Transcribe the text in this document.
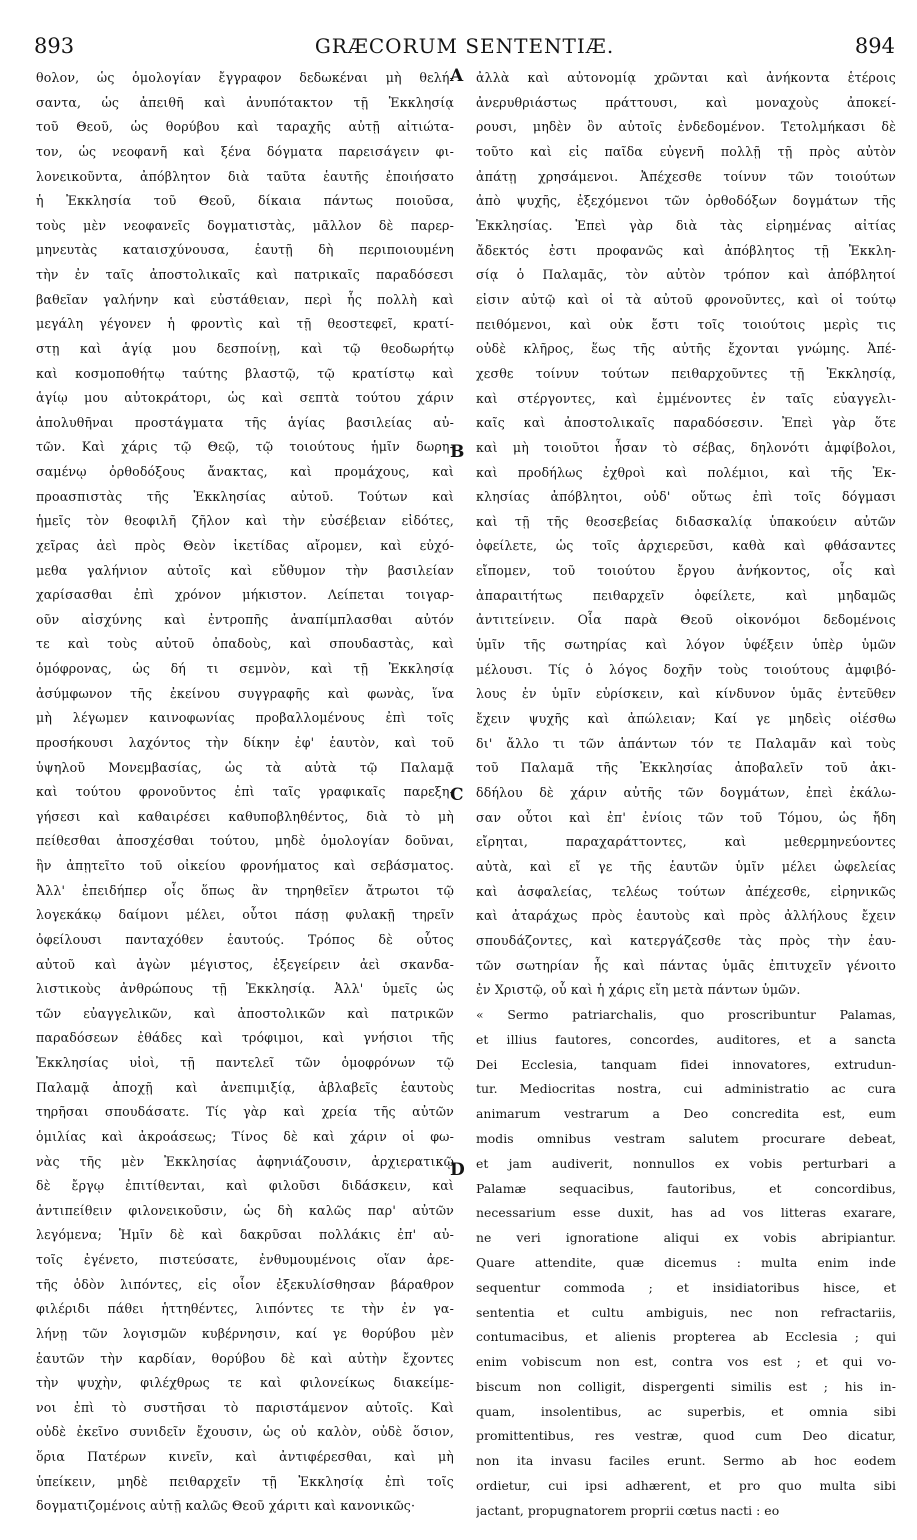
893	GRÆCORUM SENTENTIÆ.	894

θολον, ὡς ὁμολογίαν ἔγγραφον δεδωκέναι μὴ θελή-

σαντα, ὡς ἀπειθῆ καὶ ἀνυπότακτον τῇ Ἐκκλησίᾳ

τοῦ Θεοῦ, ὡς θορύβου καὶ ταραχῆς αὐτῇ αἰτιώτα-

τον, ὡς νεοφανῆ καὶ ξένα δόγματα παρεισάγειν φι-

λονεικοῦντα, ἀπόβλητον διὰ ταῦτα ἑαυτῆς ἐποιήσατο

ἡ Ἐκκλησία τοῦ Θεοῦ, δίκαια πάντως ποιοῦσα,

τοὺς μὲν νεοφανεῖς δογματιστὰς, μᾶλλον δὲ παρερ-

μηνευτὰς καταισχύνουσα, ἑαυτῇ δὴ περιποιουμένη

τὴν ἐν ταῖς ἀποστολικαῖς καὶ πατρικαῖς παραδόσεσι

βαθεῖαν γαλήνην καὶ εὐστάθειαν, περὶ ἧς πολλὴ καὶ

μεγάλη γέγονεν ἡ φροντὶς καὶ τῇ θεοστεφεῖ, κρατί-

στῃ καὶ ἁγίᾳ μου δεσποίνῃ, καὶ τῷ θεοδωρήτῳ

καὶ κοσμοποθήτῳ ταύτης βλαστῷ, τῷ κρατίστῳ καὶ

ἁγίῳ μου αὐτοκράτορι, ὡς καὶ σεπτὰ τούτου χάριν

ἀπολυθῆναι προστάγματα τῆς ἁγίας βασιλείας αὐ-

τῶν. Καὶ χάρις τῷ Θεῷ, τῷ τοιούτους ἡμῖν δωρη-

σαμένῳ ὀρθοδόξους ἄνακτας, καὶ προμάχους, καὶ

προασπιστὰς τῆς Ἐκκλησίας αὐτοῦ. Τούτων καὶ

ἡμεῖς τὸν θεοφιλῆ ζῆλον καὶ τὴν εὐσέβειαν εἰδότες,

χεῖρας ἀεὶ πρὸς Θεὸν ἱκετίδας αἴρομεν, καὶ εὐχό-

μεθα γαλήνιον αὐτοῖς καὶ εὔθυμον τὴν βασιλείαν

χαρίσασθαι ἐπὶ χρόνον μήκιστον. Λείπεται τοιγαρ-

οῦν αἰσχύνης καὶ ἐντροπῆς ἀναπίμπλασθαι αὐτόν

τε καὶ τοὺς αὐτοῦ ὀπαδοὺς, καὶ σπουδαστὰς, καὶ

ὁμόφρονας, ὡς δή τι σεμνὸν, καὶ τῇ Ἐκκλησίᾳ

ἀσύμφωνον τῆς ἐκείνου συγγραφῆς καὶ φωνὰς, ἵνα

μὴ λέγωμεν καινοφωνίας προβαλλομένους ἐπὶ τοῖς

προσήκουσι λαχόντος τὴν δίκην ἐφ' ἑαυτὸν, καὶ τοῦ

ὑψηλοῦ Μονεμβασίας, ὡς τὰ αὐτὰ τῷ Παλαμᾷ

καὶ τούτου φρονοῦντος ἐπὶ ταῖς γραφικαῖς παρεξη-

γήσεσι καὶ καθαιρέσει καθυποβληθέντος, διὰ τὸ μὴ

πείθεσθαι ἀποσχέσθαι τούτου, μηδὲ ὁμολογίαν δοῦναι,

ἣν ἀπῃτεῖτο τοῦ οἰκείου φρονήματος καὶ σεβάσματος.

Ἀλλ' ἐπειδήπερ οἷς ὅπως ἂν τηρηθεῖεν ἄτρωτοι τῷ

λογεκάκῳ δαίμονι μέλει, οὗτοι πάσῃ φυλακῇ τηρεῖν

ὀφείλουσι πανταχόθεν ἑαυτούς. Τρόπος δὲ οὗτος

αὐτοῦ καὶ ἀγὼν μέγιστος, ἐξεγείρειν ἀεὶ σκανδα-

λιστικοὺς ἀνθρώπους τῇ Ἐκκλησίᾳ. Ἀλλ' ὑμεῖς ὡς

τῶν εὐαγγελικῶν, καὶ ἀποστολικῶν καὶ πατρικῶν

παραδόσεων ἐθάδες καὶ τρόφιμοι, καὶ γνήσιοι τῆς

Ἐκκλησίας υἱοὶ, τῇ παντελεῖ τῶν ὁμοφρόνων τῷ

Παλαμᾷ ἀποχῇ καὶ ἀνεπιμιξίᾳ, ἀβλαβεῖς ἑαυτοὺς

τηρῆσαι σπουδάσατε. Τίς γὰρ καὶ χρεία τῆς αὐτῶν

ὁμιλίας καὶ ἀκροάσεως; Τίνος δὲ καὶ χάριν οἱ φω-

νὰς τῆς μὲν Ἐκκλησίας ἀφηνιάζουσιν, ἀρχιερατικῷ

δὲ ἔργῳ ἐπιτίθενται, καὶ φιλοῦσι διδάσκειν, καὶ

ἀντιπείθειν φιλονεικοῦσιν, ὡς δὴ καλῶς παρ' αὐτῶν

λεγόμενα; Ἡμῖν δὲ καὶ δακρῦσαι πολλάκις ἐπ' αὐ-

τοῖς ἐγένετο, πιστεύσατε, ἐνθυμουμένοις οἵαν ἀρε-

τῆς ὁδὸν λιπόντες, εἰς οἷον ἐξεκυλίσθησαν βάραθρον

φιλέριδι πάθει ἡττηθέντες, λιπόντες τε τὴν ἐν γα-

λήνῃ τῶν λογισμῶν κυβέρνησιν, καί γε θορύβου μὲν

ἑαυτῶν τὴν καρδίαν, θορύβου δὲ καὶ αὐτὴν ἔχοντες

τὴν ψυχὴν, φιλέχθρως τε καὶ φιλονείκως διακείμε-

νοι ἐπὶ τὸ συστῆσαι τὸ παριστάμενον αὐτοῖς. Καὶ

οὐδὲ ἐκεῖνο συνιδεῖν ἔχουσιν, ὡς οὐ καλὸν, οὐδὲ ὅσιον,

ὅρια Πατέρων κινεῖν, καὶ ἀντιφέρεσθαι, καὶ μὴ

ὑπείκειν, μηδὲ πειθαρχεῖν τῇ Ἐκκλησίᾳ ἐπὶ τοῖς

δογματιζομένοις αὐτῇ καλῶς Θεοῦ χάριτι καὶ κανονικῶς·

A
B
C
D

ἀλλὰ καὶ αὐτονομίᾳ χρῶνται καὶ ἀνήκοντα ἑτέροις

ἀνερυθριάστως πράττουσι, καὶ μοναχοὺς ἀποκεί-

ρουσι, μηδὲν ὂν αὐτοῖς ἐνδεδομένον. Τετολμήκασι δὲ

τοῦτο καὶ εἰς παῖδα εὐγενῆ πολλῇ τῇ πρὸς αὐτὸν

ἀπάτῃ χρησάμενοι. Ἀπέχεσθε τοίνυν τῶν τοιούτων

ἀπὸ ψυχῆς, ἐξεχόμενοι τῶν ὀρθοδόξων δογμάτων τῆς

Ἐκκλησίας. Ἐπεὶ γὰρ διὰ τὰς εἰρημένας αἰτίας

ἄδεκτός ἐστι προφανῶς καὶ ἀπόβλητος τῇ Ἐκκλη-

σίᾳ ὁ Παλαμᾶς, τὸν αὐτὸν τρόπον καὶ ἀπόβλητοί

εἰσιν αὐτῷ καὶ οἱ τὰ αὐτοῦ φρονοῦντες, καὶ οἱ τούτῳ

πειθόμενοι, καὶ οὐκ ἔστι τοῖς τοιούτοις μερὶς τις

οὐδὲ κλῆρος, ἕως τῆς αὐτῆς ἔχονται γνώμης. Ἀπέ-

χεσθε τοίνυν τούτων πειθαρχοῦντες τῇ Ἐκκλησίᾳ,

καὶ στέργοντες, καὶ ἐμμένοντες ἐν ταῖς εὐαγγελι-

καῖς καὶ ἀποστολικαῖς παραδόσεσιν. Ἐπεὶ γὰρ ὅτε

καὶ μὴ τοιοῦτοι ἦσαν τὸ σέβας, δηλονότι ἀμφίβολοι,

καὶ προδήλως ἐχθροὶ καὶ πολέμιοι, καὶ τῆς Ἐκ-

κλησίας ἀπόβλητοι, οὐδ' οὕτως ἐπὶ τοῖς δόγμασι

καὶ τῇ τῆς θεοσεβείας διδασκαλίᾳ ὑπακούειν αὐτῶν

ὀφείλετε, ὡς τοῖς ἀρχιερεῦσι, καθὰ καὶ φθάσαντες

εἴπομεν, τοῦ τοιούτου ἔργου ἀνήκοντος, οἷς καὶ

ἀπαραιτήτως πειθαρχεῖν ὀφείλετε, καὶ μηδαμῶς

ἀντιτείνειν. Οἷα παρὰ Θεοῦ οἰκονόμοι δεδομένοις

ὑμῖν τῆς σωτηρίας καὶ λόγον ὑφέξειν ὑπὲρ ὑμῶν

μέλουσι. Τίς ὁ λόγος δοχῆν τοὺς τοιούτους ἀμφιβό-

λους ἐν ὑμῖν εὑρίσκειν, καὶ κίνδυνον ὑμᾶς ἐντεῦθεν

ἔχειν ψυχῆς καὶ ἀπώλειαν; Καί γε μηδεὶς οἰέσθω

δι' ἄλλο τι τῶν ἁπάντων τόν τε Παλαμᾶν καὶ τοὺς

τοῦ Παλαμᾶ τῆς Ἐκκλησίας ἀποβαλεῖν τοῦ ἀκι-

δδήλου δὲ χάριν αὐτῆς τῶν δογμάτων, ἐπεὶ ἐκάλω-

σαν οὗτοι καὶ ἐπ' ἐνίοις τῶν τοῦ Τόμου, ὡς ἤδη

εἴρηται, παραχαράττοντες, καὶ μεθερμηνεύοντες

αὐτὰ, καὶ εἴ γε τῆς ἑαυτῶν ὑμῖν μέλει ὠφελείας

καὶ ἀσφαλείας, τελέως τούτων ἀπέχεσθε, εἰρηνικῶς

καὶ ἀταράχως πρὸς ἑαυτοὺς καὶ πρὸς ἀλλήλους ἔχειν

σπουδάζοντες, καὶ κατεργάζεσθε τὰς πρὸς τὴν ἑαυ-

τῶν σωτηρίαν ἧς καὶ πάντας ὑμᾶς ἐπιτυχεῖν γένοιτο

ἐν Χριστῷ, οὗ καὶ ἡ χάρις εἴη μετὰ πάντων ὑμῶν.

« Sermo patriarchalis, quo proscribuntur Palamas,

et illius fautores, concordes, auditores, et a sancta

Dei Ecclesia, tanquam fidei innovatores, extrudun-

tur. Mediocritas nostra, cui administratio ac cura

animarum vestrarum a Deo concredita est, eum

modis omnibus vestram salutem procurare debeat,

et jam audiverit, nonnullos ex vobis perturbari a

Palamæ sequacibus, fautoribus, et concordibus,

necessarium esse duxit, has ad vos litteras exarare,

ne veri ignoratione aliqui ex vobis abripiantur.

Quare attendite, quæ dicemus : multa enim inde

sequentur commoda ; et insidiatoribus hisce, et

sententia et cultu ambiguis, nec non refractariis,

contumacibus, et alienis propterea ab Ecclesia ; qui

enim vobiscum non est, contra vos est ; et qui vo-

biscum non colligit, dispergenti similis est ; his in-

quam, insolentibus, ac superbis, et omnia sibi

promittentibus, res vestræ, quod cum Deo dicatur,

non ita invasu faciles erunt. Sermo ab hoc eodem

ordietur, cui ipsi adhærent, et pro quo multa sibi

jactant, propugnatorem proprii cœtus nacti : eo
